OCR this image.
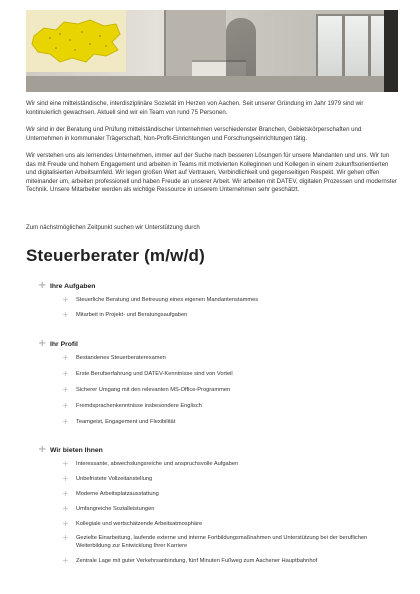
Wir sind eine mittelständische, interdisziplinäre Sozietät im Herzen von Aachen. Seit unserer Gründung im Jahr 1979 sind wir kontinuierlich gewachsen. Aktuell sind wir ein Team von rund 75 Personen.

Wir sind in der Beratung und Prüfung mittelständischer Unternehmen verschiedenster Branchen, Gebietskörperschaften und Unternehmen in kommunaler Trägerschaft, Non-Profit-Einrichtungen und Forschungseinrichtungen tätig.

Wir verstehen uns als lernendes Unternehmen, immer auf der Suche nach besseren Lösungen für unsere Mandanten und uns. Wir tun das mit Freude und hohem Engagement und arbeiten in Teams mit motivierten Kolleginnen und Kollegen in einem zukunftsorientierten und digitalisierten Arbeitsumfeld. Wir legen großen Wert auf Vertrauen, Verbindlichkeit und gegenseitigen Respekt. Wir gehen offen miteinander um, arbeiten professionell und haben Freude an unserer Arbeit. Wir arbeiten mit DATEV, digitalen Prozessen und modernster Technik. Unsere Mitarbeiter werden als wichtige Ressource in unserem Unternehmen sehr geschätzt.

Zum nächstmöglichen Zeitpunkt suchen wir Unterstützung durch

Steuerberater (m/w/d)
+ Ihre Aufgaben
+	Steuerliche Beratung und Betreuung eines eigenen Mandantenstammes
+	Mitarbeit in Projekt- und Beratungsaufgaben
+ Ihr Profil
+	Bestandenes Steuerberaterexamen
+	Erste Berufserfahrung und DATEV-Kenntnisse sind von Vorteil
+	Sicherer Umgang mit den relevanten MS-Office-Programmen
+	Fremdsprachenkenntnisse insbesondere Englisch
+	Teamgeist, Engagement und Flexibilität
+ Wir bieten Ihnen
+	Interessante, abwechslungsreiche und anspruchsvolle Aufgaben
+	Unbefristete Vollzeitanstellung
+	Moderne Arbeitsplatzausstattung
+	Umfangreiche Sozialleistungen
+	Kollegiale und wertschätzende Arbeitsatmosphäre
+	Gezielte Einarbeitung, laufende externe und interne Fortbildungsmaßnahmen und Unterstützung bei der beruflichen Weiterbildung zur Entwicklung Ihrer Karriere
+	Zentrale Lage mit guter Verkehrsanbindung, fünf Minuten Fußweg zum Aachener Hauptbahnhof
